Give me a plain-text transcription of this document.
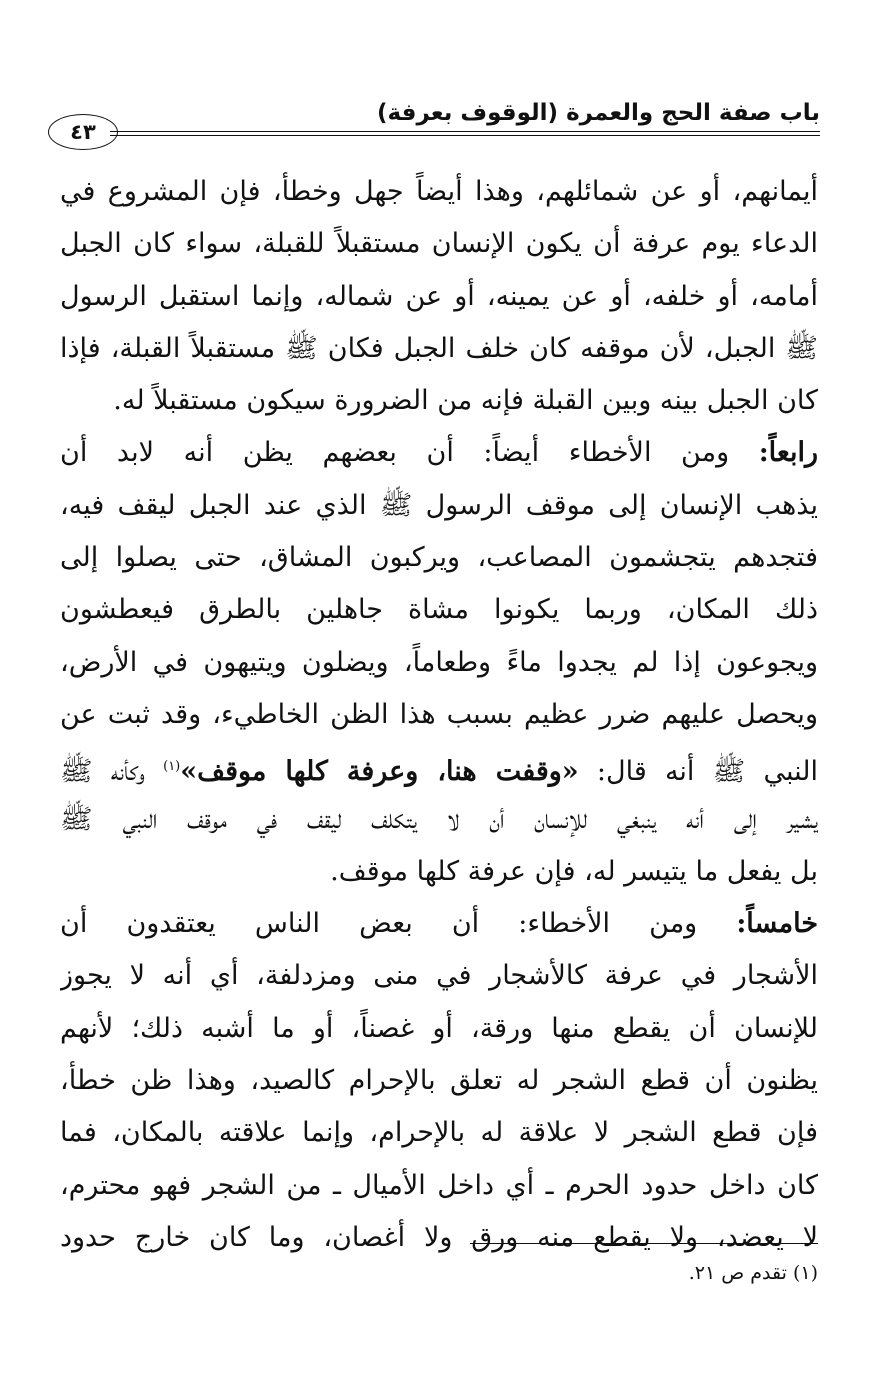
باب صفة الحج والعمرة (الوقوف بعرفة)
٤٣
أيمانهم، أو عن شمائلهم، وهذا أيضاً جهل وخطأ، فإن المشروع في
الدعاء يوم عرفة أن يكون الإنسان مستقبلاً للقبلة، سواء كان الجبل
أمامه، أو خلفه، أو عن يمينه، أو عن شماله، وإنما استقبل الرسول
ﷺ الجبل، لأن موقفه كان خلف الجبل فكان ﷺ مستقبلاً القبلة، فإذا
كان الجبل بينه وبين القبلة فإنه من الضرورة سيكون مستقبلاً له.
رابعاً: ومن الأخطاء أيضاً: أن بعضهم يظن أنه لابد أن
يذهب الإنسان إلى موقف الرسول ﷺ الذي عند الجبل ليقف فيه،
فتجدهم يتجشمون المصاعب، ويركبون المشاق، حتى يصلوا إلى
ذلك المكان، وربما يكونوا مشاة جاهلين بالطرق فيعطشون
ويجوعون إذا لم يجدوا ماءً وطعاماً، ويضلون ويتيهون في الأرض،
ويحصل عليهم ضرر عظيم بسبب هذا الظن الخاطيء، وقد ثبت عن
النبي ﷺ أنه قال: «وقفت هنا، وعرفة كلها موقف»$^{(١)}$ وكأنه ﷺ
يشير إلى أنه ينبغي للإنسان أن لا يتكلف ليقف في موقف النبي ﷺ
بل يفعل ما يتيسر له، فإن عرفة كلها موقف.
خامساً: ومن الأخطاء: أن بعض الناس يعتقدون أن
الأشجار في عرفة كالأشجار في منى ومزدلفة، أي أنه لا يجوز
للإنسان أن يقطع منها ورقة، أو غصناً، أو ما أشبه ذلك؛ لأنهم
يظنون أن قطع الشجر له تعلق بالإحرام كالصيد، وهذا ظن خطأ،
فإن قطع الشجر لا علاقة له بالإحرام، وإنما علاقته بالمكان، فما
كان داخل حدود الحرم ـ أي داخل الأميال ـ من الشجر فهو محترم،
لا يعضد، ولا يقطع منه ورق ولا أغصان، وما كان خارج حدود
(١) تقدم ص ٢١.
